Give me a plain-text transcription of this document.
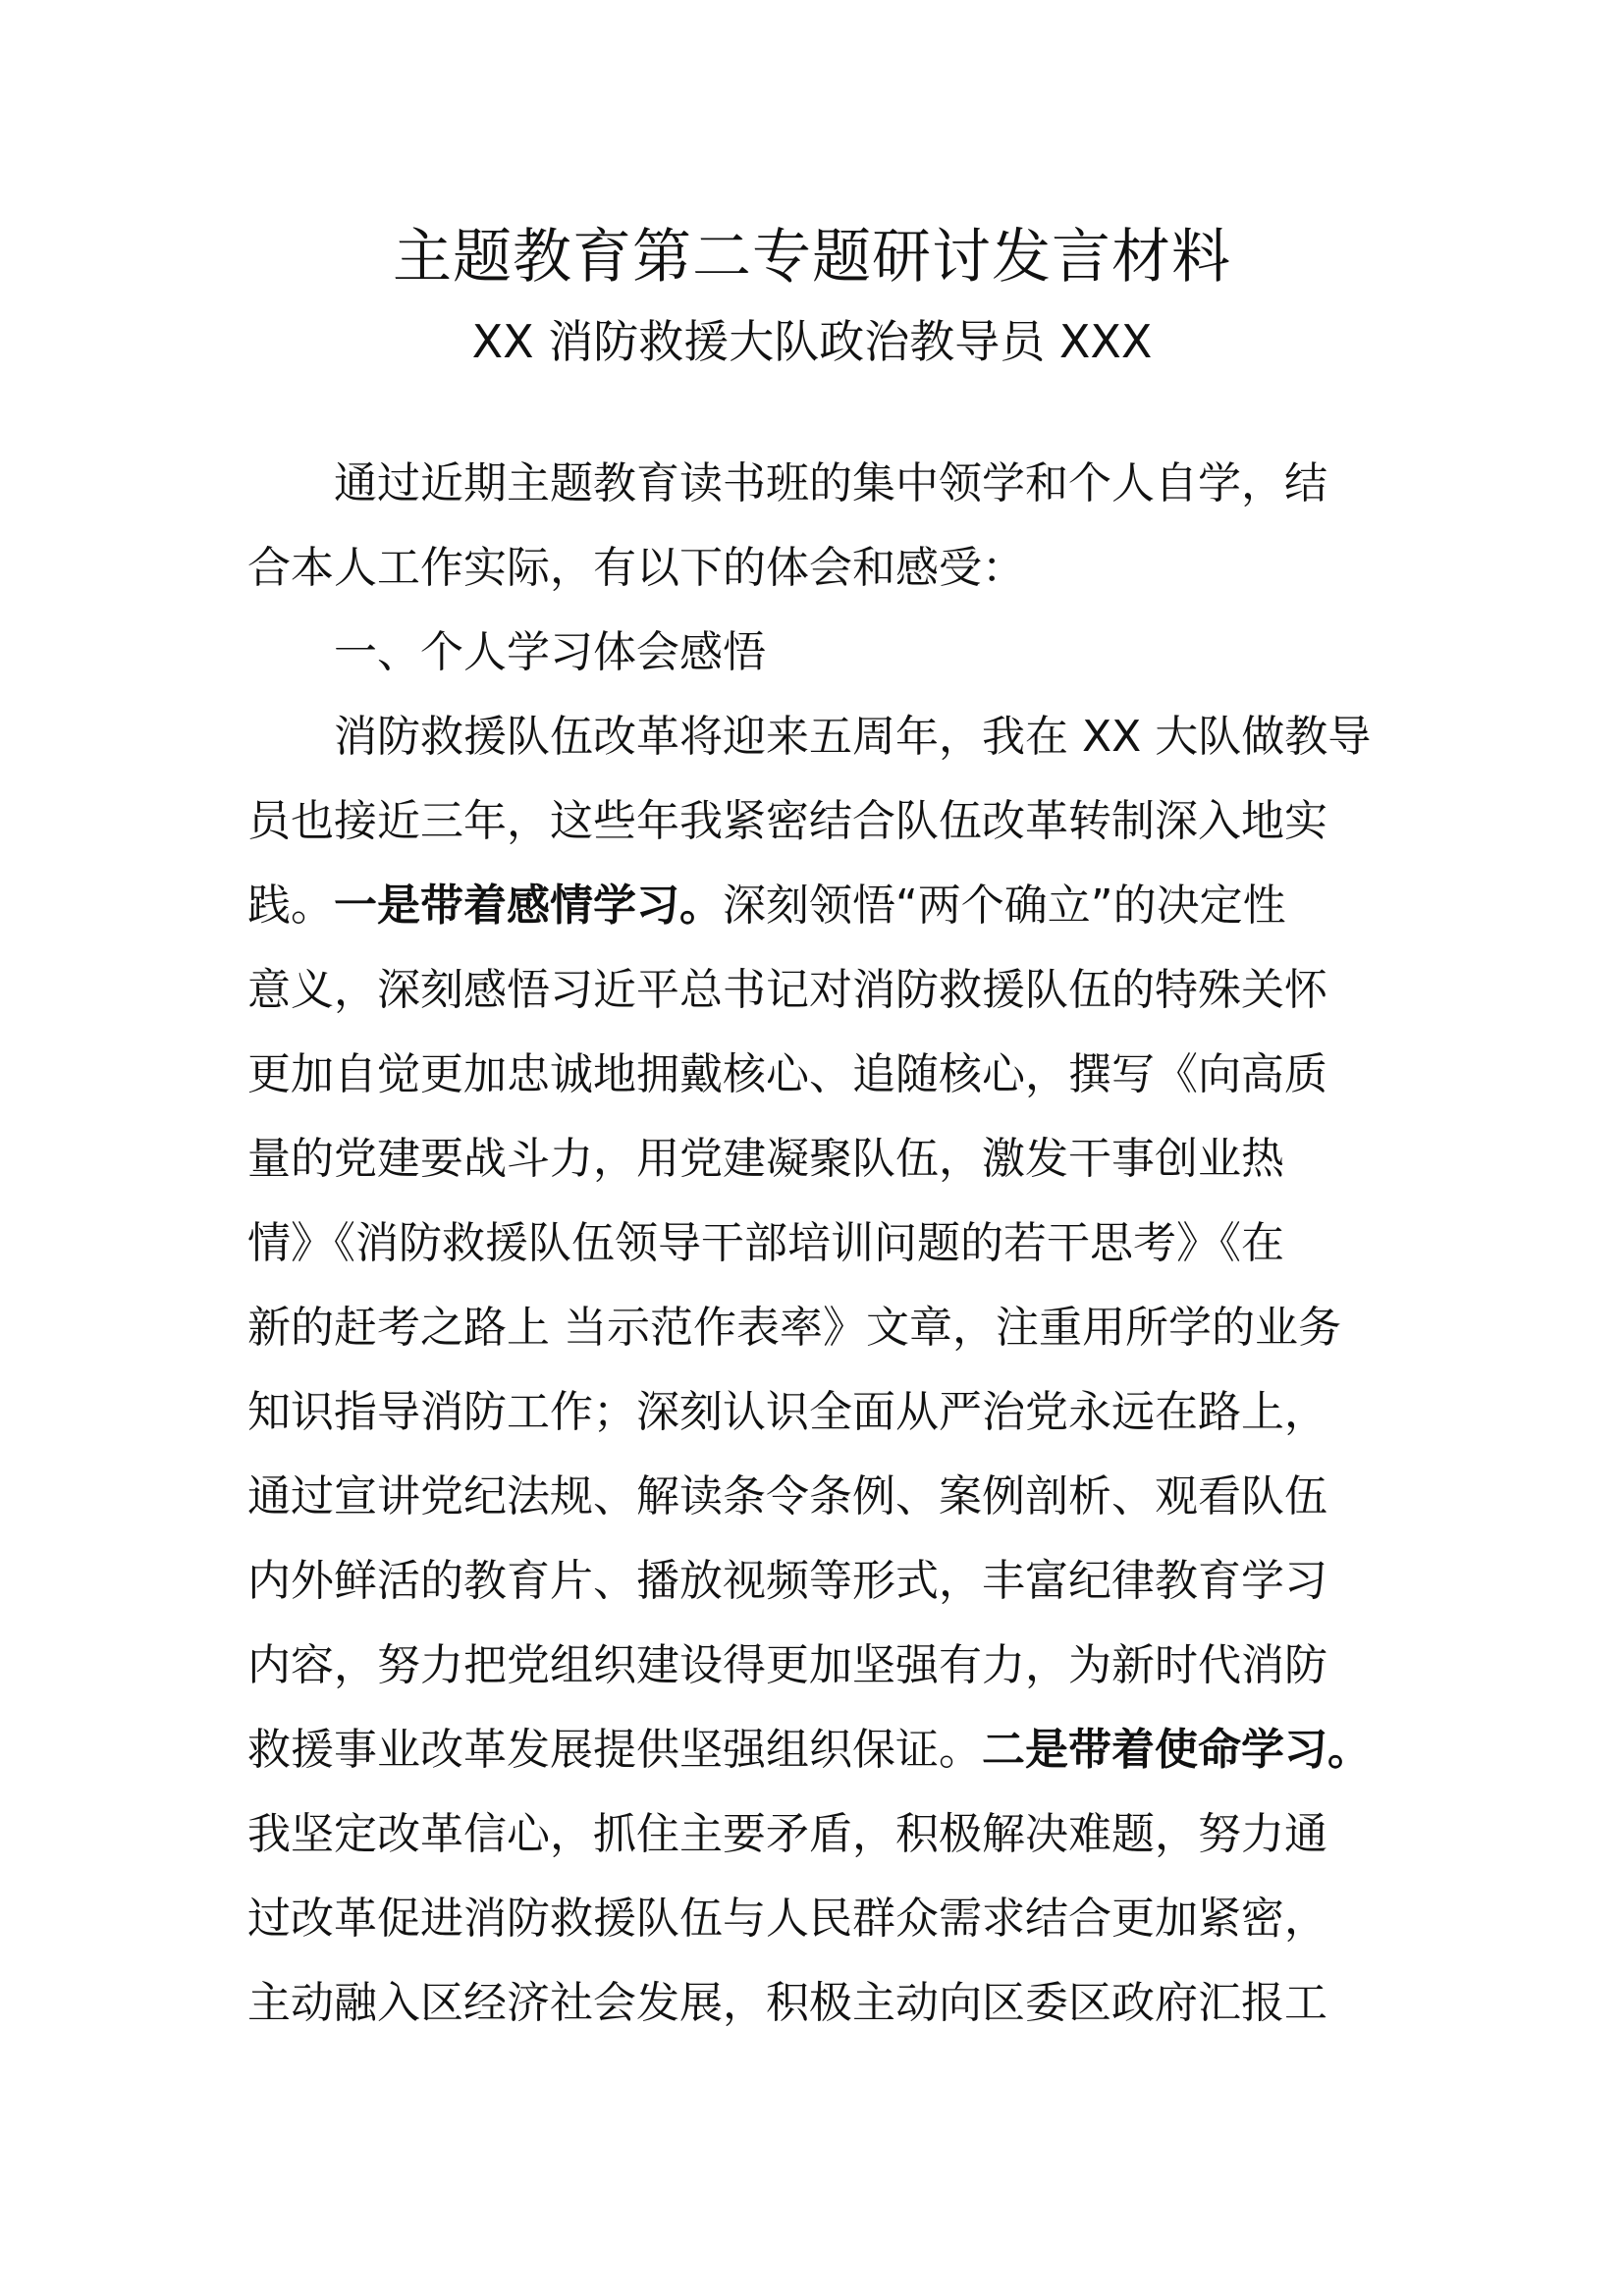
主题教育第二专题研讨发言材料
XX 消防救援大队政治教导员 XXX
通过近期主题教育读书班的集中领学和个人自学，结
合本人工作实际，有以下的体会和感受：
一、个人学习体会感悟
消防救援队伍改革将迎来五周年，我在 XX 大队做教导
员也接近三年，这些年我紧密结合队伍改革转制深入地实
践。一是带着感情学习。深刻领悟“两个确立”的决定性
意义，深刻感悟习近平总书记对消防救援队伍的特殊关怀
更加自觉更加忠诚地拥戴核心、追随核心，撰写《向高质
量的党建要战斗力，用党建凝聚队伍，激发干事创业热
情》《消防救援队伍领导干部培训问题的若干思考》《在
新的赶考之路上 当示范作表率》文章，注重用所学的业务
知识指导消防工作；深刻认识全面从严治党永远在路上，
通过宣讲党纪法规、解读条令条例、案例剖析、观看队伍
内外鲜活的教育片、播放视频等形式，丰富纪律教育学习
内容，努力把党组织建设得更加坚强有力，为新时代消防
救援事业改革发展提供坚强组织保证。二是带着使命学习。
我坚定改革信心，抓住主要矛盾，积极解决难题，努力通
过改革促进消防救援队伍与人民群众需求结合更加紧密，
主动融入区经济社会发展，积极主动向区委区政府汇报工
